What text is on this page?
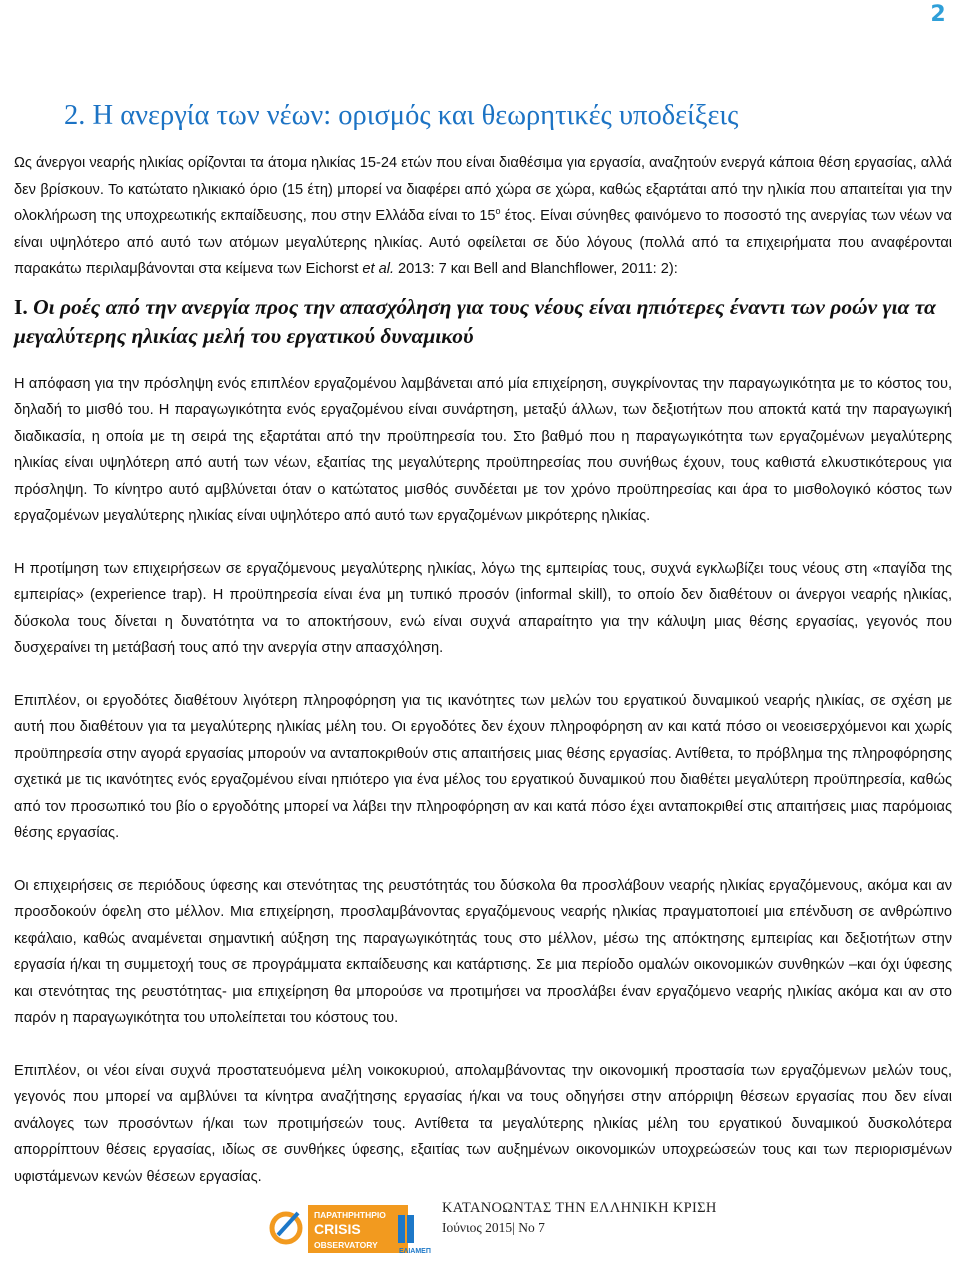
2
2. Η ανεργία των νέων: ορισμός και θεωρητικές υποδείξεις

Ως άνεργοι νεαρής ηλικίας ορίζονται τα άτομα ηλικίας 15-24 ετών που είναι διαθέσιμα για εργασία, αναζητούν ενεργά κάποια θέση εργασίας, αλλά δεν βρίσκουν. Το κατώτατο ηλικιακό όριο (15 έτη) μπορεί να διαφέρει από χώρα σε χώρα, καθώς εξαρτάται από την ηλικία που απαιτείται για την ολοκλήρωση της υποχρεωτικής εκπαίδευσης, που στην Ελλάδα είναι το $15^o$ έτος. Είναι σύνηθες φαινόμενο το ποσοστό της ανεργίας των νέων να είναι υψηλότερο από αυτό των ατόμων μεγαλύτερης ηλικίας. Αυτό οφείλεται σε δύο λόγους (πολλά από τα επιχειρήματα που αναφέρονται παρακάτω περιλαμβάνονται στα κείμενα των Eichorst et al. 2013: 7 και Bell and Blanchflower, 2011: 2):

I. Οι ροές από την ανεργία προς την απασχόληση για τους νέους είναι ηπιότερες έναντι των ροών για τα μεγαλύτερης ηλικίας μελή του εργατικού δυναμικού

Η απόφαση για την πρόσληψη ενός επιπλέον εργαζομένου λαμβάνεται από μία επιχείρηση, συγκρίνοντας την παραγωγικότητα με το κόστος του, δηλαδή το μισθό του. Η παραγωγικότητα ενός εργαζομένου είναι συνάρτηση, μεταξύ άλλων, των δεξιοτήτων που αποκτά κατά την παραγωγική διαδικασία, η οποία με τη σειρά της εξαρτάται από την προϋπηρεσία του. Στο βαθμό που η παραγωγικότητα των εργαζομένων μεγαλύτερης ηλικίας είναι υψηλότερη από αυτή των νέων, εξαιτίας της μεγαλύτερης προϋπηρεσίας που συνήθως έχουν, τους καθιστά ελκυστικότερους για πρόσληψη. Το κίνητρο αυτό αμβλύνεται όταν ο κατώτατος μισθός συνδέεται με τον χρόνο προϋπηρεσίας και άρα το μισθολογικό κόστος των εργαζομένων μεγαλύτερης ηλικίας είναι υψηλότερο από αυτό των εργαζομένων μικρότερης ηλικίας.

Η προτίμηση των επιχειρήσεων σε εργαζόμενους μεγαλύτερης ηλικίας, λόγω της εμπειρίας τους, συχνά εγκλωβίζει τους νέους στη «παγίδα της εμπειρίας» (experience trap). Η προϋπηρεσία είναι ένα μη τυπικό προσόν (informal skill), το οποίο δεν διαθέτουν οι άνεργοι νεαρής ηλικίας, δύσκολα τους δίνεται η δυνατότητα να το αποκτήσουν, ενώ είναι συχνά απαραίτητο για την κάλυψη μιας θέσης εργασίας, γεγονός που δυσχεραίνει τη μετάβασή τους από την ανεργία στην απασχόληση.

Επιπλέον, οι εργοδότες διαθέτουν λιγότερη πληροφόρηση για τις ικανότητες των μελών του εργατικού δυναμικού νεαρής ηλικίας, σε σχέση με αυτή που διαθέτουν για τα μεγαλύτερης ηλικίας μέλη του. Οι εργοδότες δεν έχουν πληροφόρηση αν και κατά πόσο οι νεοεισερχόμενοι και χωρίς προϋπηρεσία στην αγορά εργασίας μπορούν να ανταποκριθούν στις απαιτήσεις μιας θέσης εργασίας. Αντίθετα, το πρόβλημα της πληροφόρησης σχετικά με τις ικανότητες ενός εργαζομένου είναι ηπιότερο για ένα μέλος του εργατικού δυναμικού που διαθέτει μεγαλύτερη προϋπηρεσία, καθώς από τον προσωπικό του βίο ο εργοδότης μπορεί να λάβει την πληροφόρηση αν και κατά πόσο έχει ανταποκριθεί στις απαιτήσεις μιας παρόμοιας θέσης εργασίας.

Οι επιχειρήσεις σε περιόδους ύφεσης και στενότητας της ρευστότητάς του δύσκολα θα προσλάβουν νεαρής ηλικίας εργαζόμενους, ακόμα και αν προσδοκούν όφελη στο μέλλον. Μια επιχείρηση, προσλαμβάνοντας εργαζόμενους νεαρής ηλικίας πραγματοποιεί μια επένδυση σε ανθρώπινο κεφάλαιο, καθώς αναμένεται σημαντική αύξηση της παραγωγικότητάς τους στο μέλλον, μέσω της απόκτησης εμπειρίας και δεξιοτήτων στην εργασία ή/και τη συμμετοχή τους σε προγράμματα εκπαίδευσης και κατάρτισης. Σε μια περίοδο ομαλών οικονομικών συνθηκών –και όχι ύφεσης και στενότητας της ρευστότητας- μια επιχείρηση θα μπορούσε να προτιμήσει να προσλάβει έναν εργαζόμενο νεαρής ηλικίας ακόμα και αν στο παρόν η παραγωγικότητα του υπολείπεται του κόστους του.

Επιπλέον, οι νέοι είναι συχνά προστατευόμενα μέλη νοικοκυριού, απολαμβάνοντας την οικονομική προστασία των εργαζόμενων μελών τους, γεγονός που μπορεί να αμβλύνει τα κίνητρα αναζήτησης εργασίας ή/και να τους οδηγήσει στην απόρριψη θέσεων εργασίας που δεν είναι ανάλογες των προσόντων ή/και των προτιμήσεών τους. Αντίθετα τα μεγαλύτερης ηλικίας μέλη του εργατικού δυναμικού δυσκολότερα απορρίπτουν θέσεις εργασίας, ιδίως σε συνθήκες ύφεσης, εξαιτίας των αυξημένων οικονομικών υποχρεώσεών τους και των περιορισμένων υφιστάμενων κενών θέσεων εργασίας.

ΠΑΡΑΤΗΡΗΤΗΡΙΟ
CRISIS
OBSERVATORY
ΕΛΙΑΜΕΠ
ΚΑΤΑΝΟΩΝΤΑΣ ΤΗΝ ΕΛΛΗΝΙΚΗ ΚΡΙΣΗ
Ιούνιος 2015| Νο 7
